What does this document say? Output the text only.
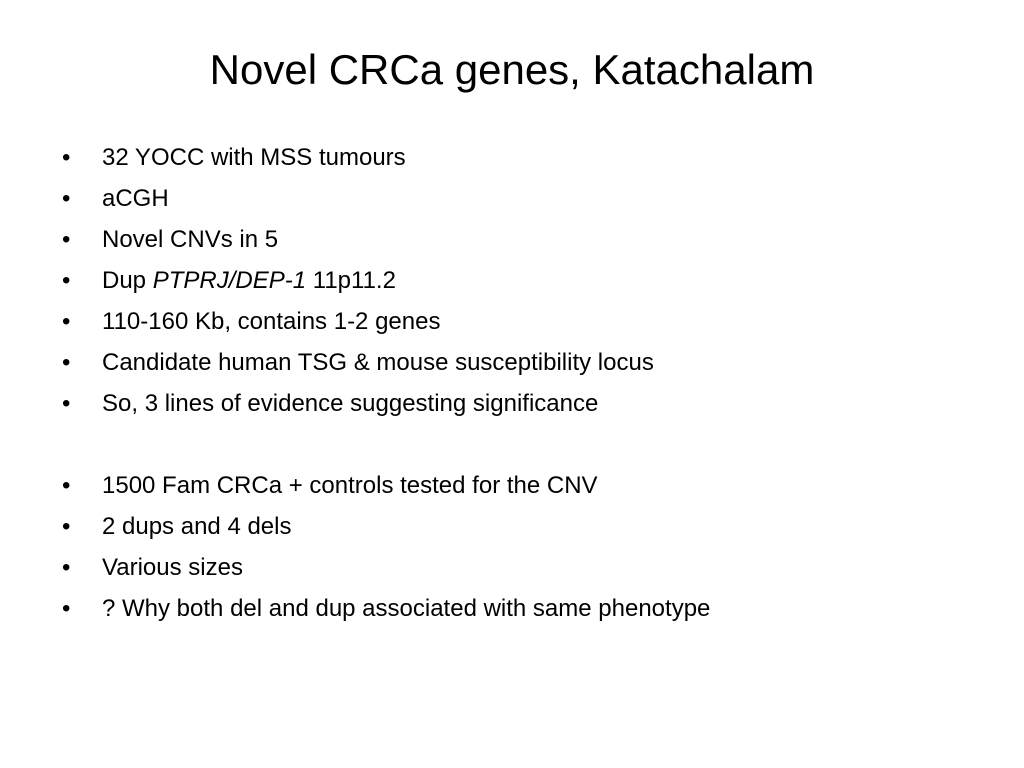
Novel CRCa genes, Katachalam
• 32 YOCC with MSS tumours
• aCGH
• Novel CNVs in 5
• Dup PTPRJ/DEP-1 11p11.2
• 110-160 Kb, contains 1-2 genes
• Candidate human TSG & mouse susceptibility locus
• So, 3 lines of evidence suggesting significance
• 1500 Fam CRCa + controls tested for the CNV
• 2 dups and 4 dels
• Various sizes
• ? Why both del and dup associated with same phenotype
